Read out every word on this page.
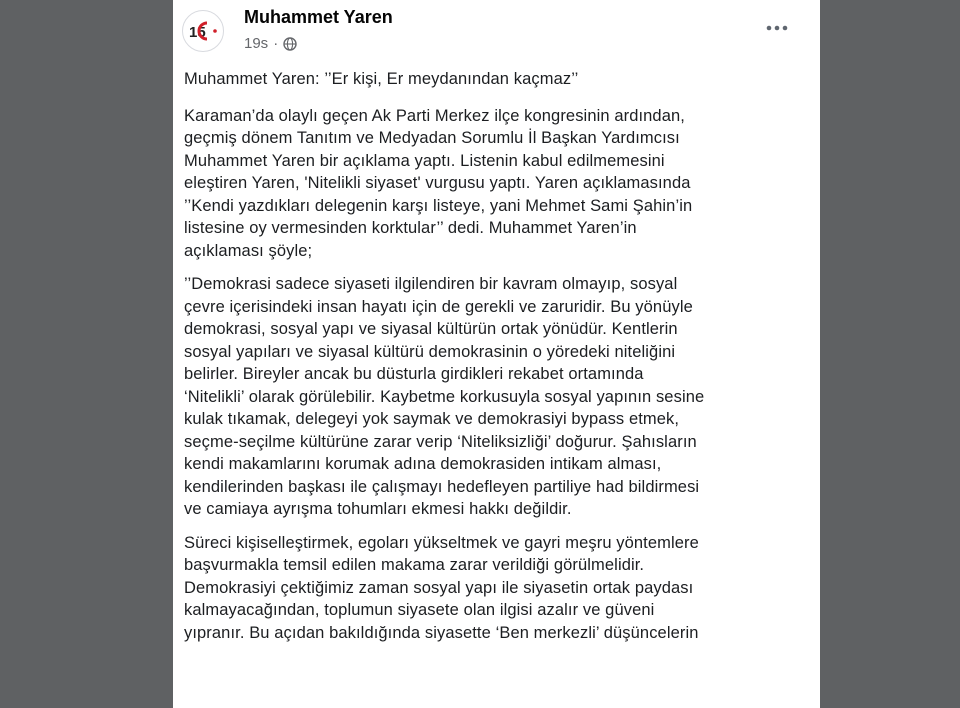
15
Muhammet Yaren
19s ·

Muhammet Yaren: ’’Er kişi, Er meydanından kaçmaz’’

Karaman’da olaylı geçen Ak Parti Merkez ilçe kongresinin ardından,
geçmiş dönem Tanıtım ve Medyadan Sorumlu İl Başkan Yardımcısı
Muhammet Yaren bir açıklama yaptı. Listenin kabul edilmemesini
eleştiren Yaren, 'Nitelikli siyaset' vurgusu yaptı. Yaren açıklamasında
’’Kendi yazdıkları delegenin karşı listeye, yani Mehmet Sami Şahin’in
listesine oy vermesinden korktular’’ dedi. Muhammet Yaren’in
açıklaması şöyle;

’’Demokrasi sadece siyaseti ilgilendiren bir kavram olmayıp, sosyal
çevre içerisindeki insan hayatı için de gerekli ve zaruridir. Bu yönüyle
demokrasi, sosyal yapı ve siyasal kültürün ortak yönüdür. Kentlerin
sosyal yapıları ve siyasal kültürü demokrasinin o yöredeki niteliğini
belirler. Bireyler ancak bu düsturla girdikleri rekabet ortamında
‘Nitelikli’ olarak görülebilir. Kaybetme korkusuyla sosyal yapının sesine
kulak tıkamak, delegeyi yok saymak ve demokrasiyi bypass etmek,
seçme-seçilme kültürüne zarar verip ‘Niteliksizliği’ doğurur. Şahısların
kendi makamlarını korumak adına demokrasiden intikam alması,
kendilerinden başkası ile çalışmayı hedefleyen partiliye had bildirmesi
ve camiaya ayrışma tohumları ekmesi hakkı değildir.

Süreci kişiselleştirmek, egoları yükseltmek ve gayri meşru yöntemlere
başvurmakla temsil edilen makama zarar verildiği görülmelidir.
Demokrasiyi çektiğimiz zaman sosyal yapı ile siyasetin ortak paydası
kalmayacağından, toplumun siyasete olan ilgisi azalır ve güveni
yıpranır. Bu açıdan bakıldığında siyasette ‘Ben merkezli’ düşüncelerin
